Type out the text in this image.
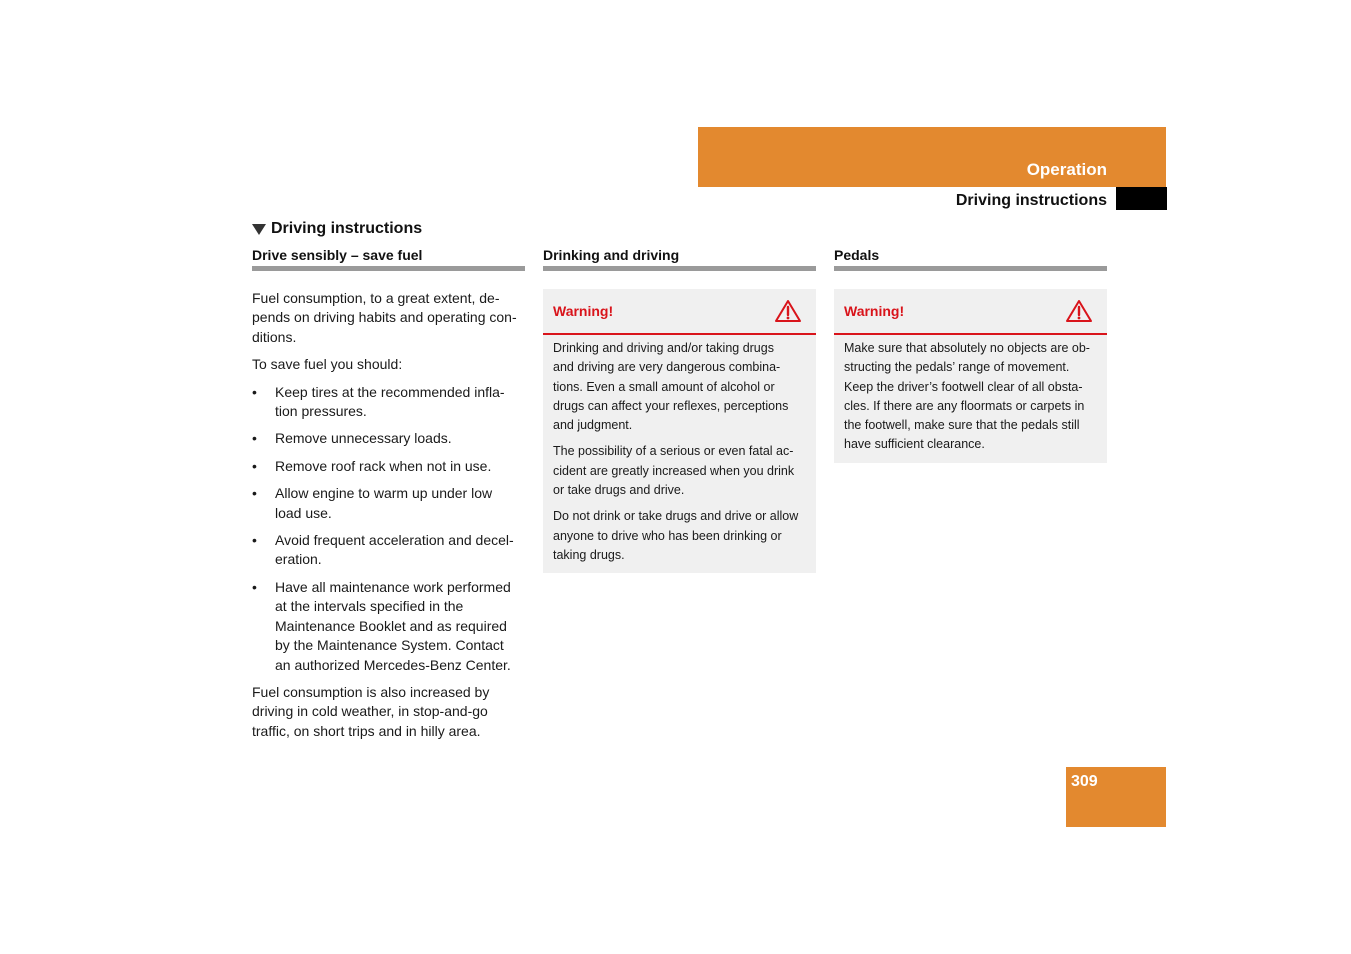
Operation
Driving instructions
Driving instructions
Drive sensibly – save fuel

Fuel consumption, to a great extent, de-
pends on driving habits and operating con-
ditions.

To save fuel you should:

• Keep tires at the recommended infla-
tion pressures.
• Remove unnecessary loads.
• Remove roof rack when not in use.
• Allow engine to warm up under low
load use.
• Avoid frequent acceleration and decel-
eration.
• Have all maintenance work performed
at the intervals specified in the
Maintenance Booklet and as required
by the Maintenance System. Contact
an authorized Mercedes-Benz Center.

Fuel consumption is also increased by
driving in cold weather, in stop-and-go
traffic, on short trips and in hilly area.

Drinking and driving
Warning!

Drinking and driving and/or taking drugs
and driving are very dangerous combina-
tions. Even a small amount of alcohol or
drugs can affect your reflexes, perceptions
and judgment.

The possibility of a serious or even fatal ac-
cident are greatly increased when you drink
or take drugs and drive.

Do not drink or take drugs and drive or allow
anyone to drive who has been drinking or
taking drugs.

Pedals
Warning!

Make sure that absolutely no objects are ob-
structing the pedals’ range of movement.
Keep the driver’s footwell clear of all obsta-
cles. If there are any floormats or carpets in
the footwell, make sure that the pedals still
have sufficient clearance.

309
